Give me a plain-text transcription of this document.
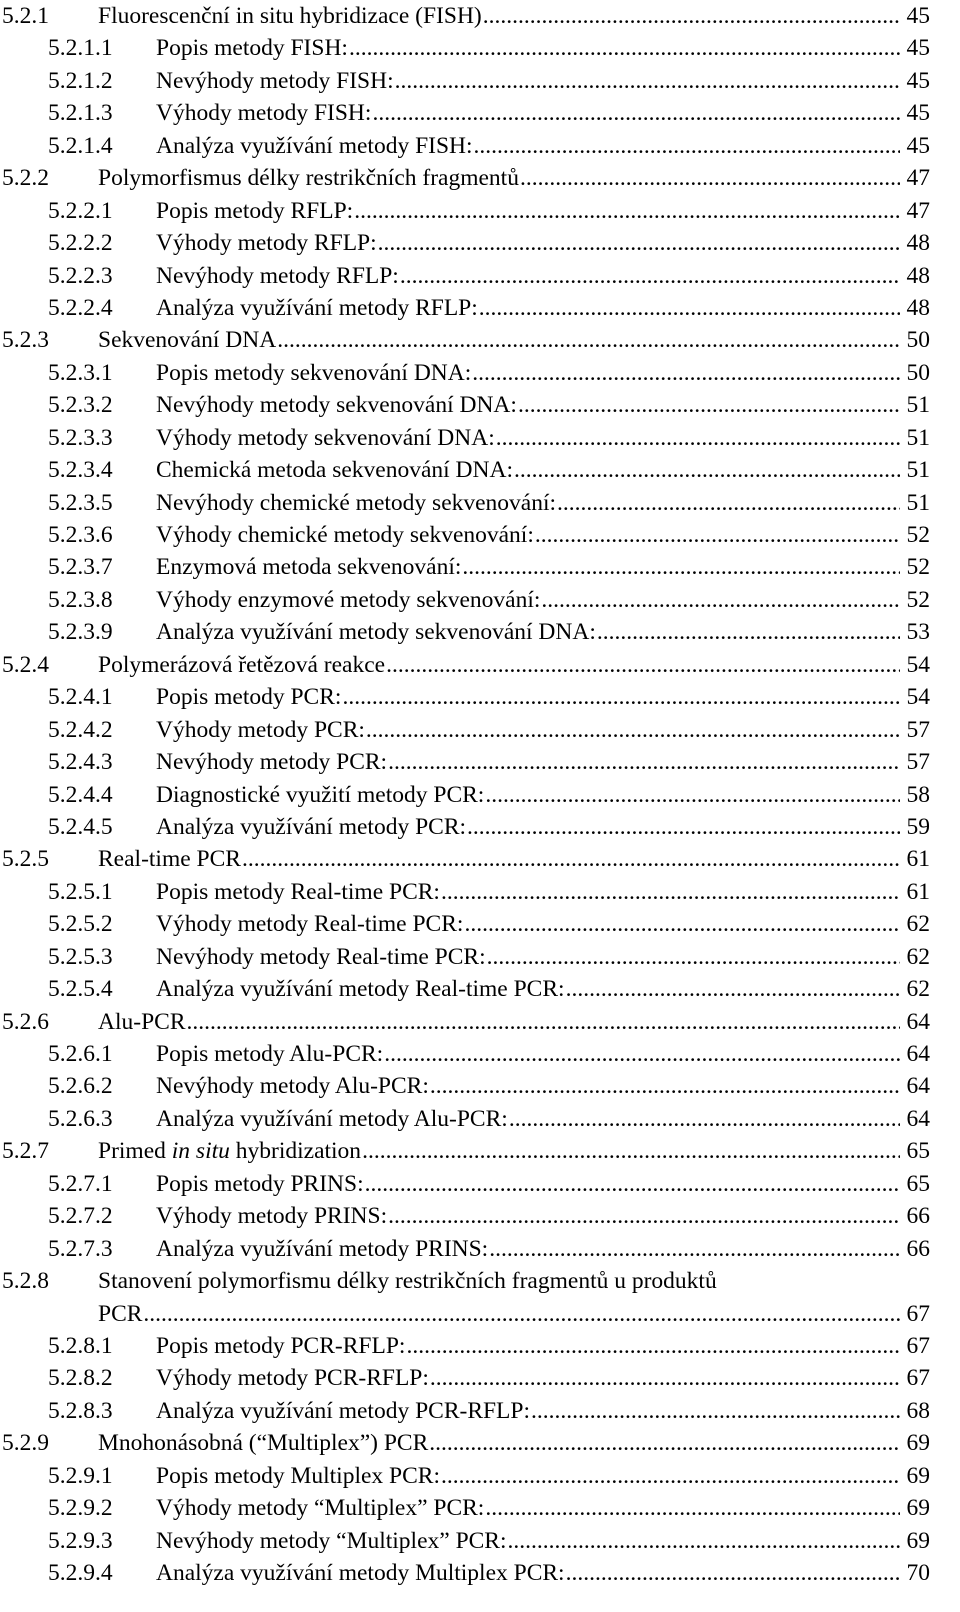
5.2.1 Fluorescenční in situ hybridizace (FISH) .....	45
5.2.1.1 Popis metody FISH: .....	45
5.2.1.2 Nevýhody metody FISH: .....	45
5.2.1.3 Výhody metody FISH: .....	45
5.2.1.4 Analýza využívání metody FISH: .....	45
5.2.2 Polymorfismus délky restrikčních fragmentů .....	47
5.2.2.1 Popis metody RFLP: .....	47
5.2.2.2 Výhody metody RFLP: .....	48
5.2.2.3 Nevýhody metody RFLP: .....	48
5.2.2.4 Analýza využívání metody RFLP: .....	48
5.2.3 Sekvenování DNA .....	50
5.2.3.1 Popis metody sekvenování DNA: .....	50
5.2.3.2 Nevýhody metody sekvenování DNA: .....	51
5.2.3.3 Výhody metody sekvenování DNA: .....	51
5.2.3.4 Chemická metoda sekvenování DNA: .....	51
5.2.3.5 Nevýhody chemické metody sekvenování: .....	51
5.2.3.6 Výhody chemické metody sekvenování: .....	52
5.2.3.7 Enzymová metoda sekvenování: .....	52
5.2.3.8 Výhody enzymové metody sekvenování: .....	52
5.2.3.9 Analýza využívání metody sekvenování DNA: .....	53
5.2.4 Polymerázová řetězová reakce .....	54
5.2.4.1 Popis metody PCR: .....	54
5.2.4.2 Výhody metody PCR: .....	57
5.2.4.3 Nevýhody metody PCR: .....	57
5.2.4.4 Diagnostické využití metody PCR: .....	58
5.2.4.5 Analýza využívání metody PCR: .....	59
5.2.5 Real-time PCR .....	61
5.2.5.1 Popis metody Real-time PCR: .....	61
5.2.5.2 Výhody metody Real-time PCR: .....	62
5.2.5.3 Nevýhody metody Real-time PCR: .....	62
5.2.5.4 Analýza využívání metody Real-time PCR: .....	62
5.2.6 Alu-PCR .....	64
5.2.6.1 Popis metody Alu-PCR: .....	64
5.2.6.2 Nevýhody metody Alu-PCR: .....	64
5.2.6.3 Analýza využívání metody Alu-PCR: .....	64
5.2.7 Primed in situ hybridization .....	65
5.2.7.1 Popis metody PRINS: .....	65
5.2.7.2 Výhody metody PRINS: .....	66
5.2.7.3 Analýza využívání metody PRINS: .....	66
5.2.8 Stanovení polymorfismu délky restrikčních fragmentů u produktů
PCR .....	67
5.2.8.1 Popis metody PCR-RFLP: .....	67
5.2.8.2 Výhody metody PCR-RFLP: .....	67
5.2.8.3 Analýza využívání metody PCR-RFLP: .....	68
5.2.9 Mnohonásobná (“Multiplex”) PCR .....	69
5.2.9.1 Popis metody Multiplex PCR: .....	69
5.2.9.2 Výhody metody “Multiplex” PCR: .....	69
5.2.9.3 Nevýhody metody “Multiplex” PCR: .....	69
5.2.9.4 Analýza využívání metody Multiplex PCR: .....	70
